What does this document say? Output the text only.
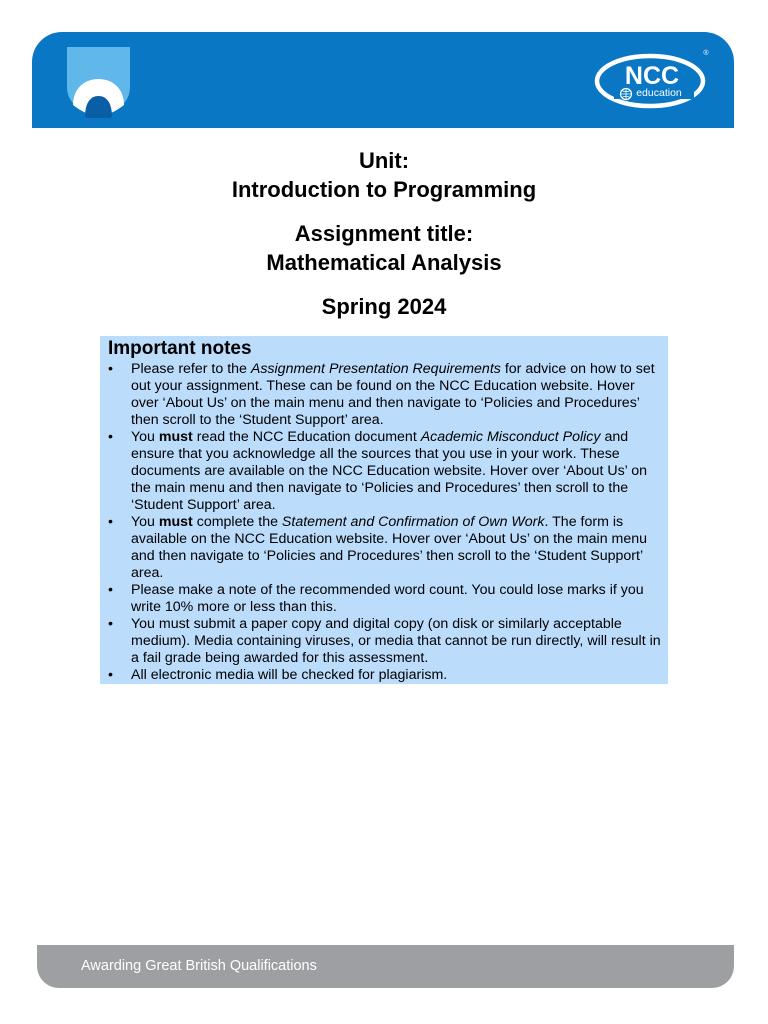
NCC
education
®
Unit:
Introduction to Programming
Assignment title:
Mathematical Analysis
Spring 2024
Important notes
• Please refer to the Assignment Presentation Requirements for advice on how to set out your assignment. These can be found on the NCC Education website. Hover over ‘About Us’ on the main menu and then navigate to ‘Policies and Procedures’ then scroll to the ‘Student Support’ area.
• You must read the NCC Education document Academic Misconduct Policy and ensure that you acknowledge all the sources that you use in your work. These documents are available on the NCC Education website. Hover over ‘About Us’ on the main menu and then navigate to ‘Policies and Procedures’ then scroll to the ‘Student Support’ area.
• You must complete the Statement and Confirmation of Own Work. The form is available on the NCC Education website. Hover over ‘About Us’ on the main menu and then navigate to ‘Policies and Procedures’ then scroll to the ‘Student Support’ area.
• Please make a note of the recommended word count. You could lose marks if you write 10% more or less than this.
• You must submit a paper copy and digital copy (on disk or similarly acceptable medium). Media containing viruses, or media that cannot be run directly, will result in a fail grade being awarded for this assessment.
• All electronic media will be checked for plagiarism.
Awarding Great British Qualifications
